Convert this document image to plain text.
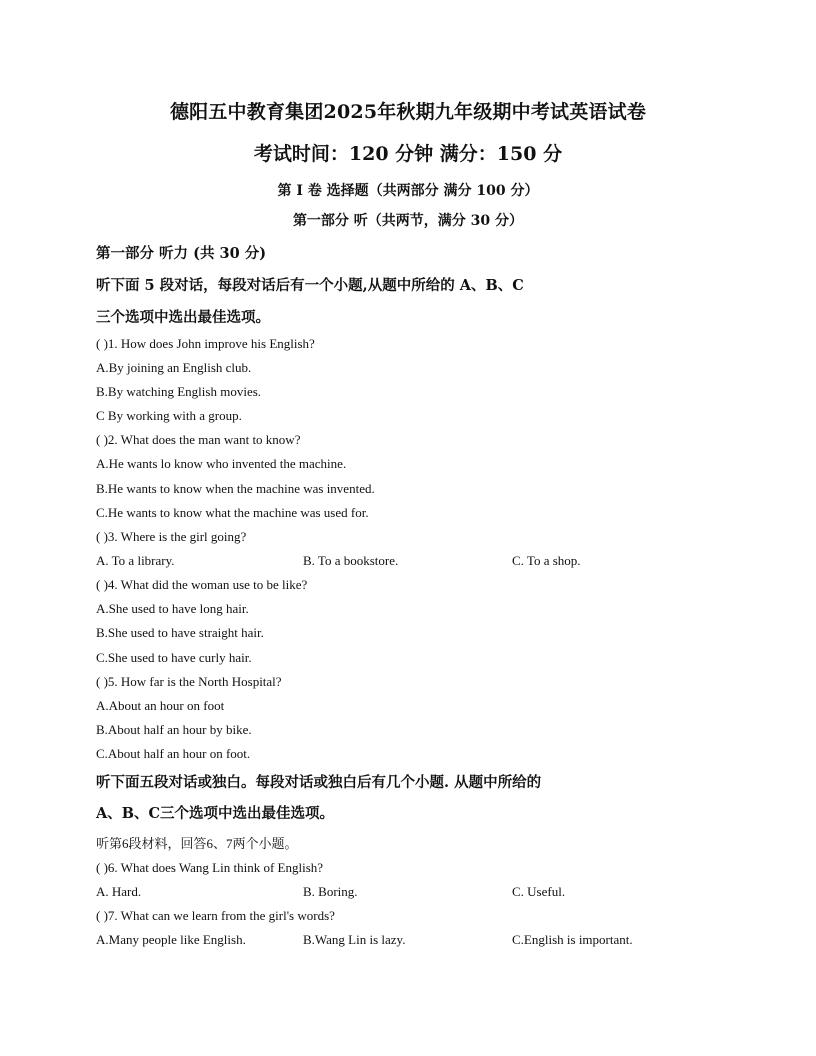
德阳五中教育集团2025年秋期九年级期中考试英语试卷
考试时间：120 分钟 满分：150 分
第 I 卷 选择题（共两部分 满分 100 分）
第一部分 听（共两节，满分 30 分）
第一部分 听力 (共 30 分)
听下面 5 段对话，每段对话后有一个小题,从题中所给的 A、B、C
三个选项中选出最佳选项。
( )1. How does John improve his English?
A.By joining an English club.
B.By watching English movies.
C By working with a group.
( )2. What does the man want to know?
A.He wants lo know who invented the machine.
B.He wants to know when the machine was invented.
C.He wants to know what the machine was used for.
( )3. Where is the girl going?
A. To a library.	B. To a bookstore.	C. To a shop.
( )4. What did the woman use to be like?
A.She used to have long hair.
B.She used to have straight hair.
C.She used to have curly hair.
( )5. How far is the North Hospital?
A.About an hour on foot
B.About half an hour by bike.
C.About half an hour on foot.
听下面五段对话或独白。每段对话或独白后有几个小题. 从题中所给的
A、B、C三个选项中选出最佳选项。
听第6段材料，回答6、7两个小题。
( )6. What does Wang Lin think of English?
A. Hard.	B. Boring.	C. Useful.
( )7. What can we learn from the girl's words?
A.Many people like English.	B.Wang Lin is lazy.	C.English is important.
